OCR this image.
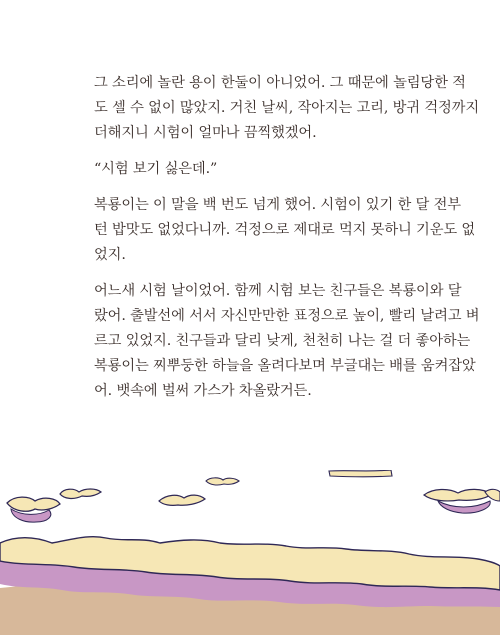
그 소리에 놀란 용이 한둘이 아니었어. 그 때문에 놀림당한 적
도 셀 수 없이 많았지. 거친 날씨, 작아지는 고리, 방귀 걱정까지
더해지니 시험이 얼마나 끔찍했겠어.
“시험 보기 싫은데.”
복룡이는 이 말을 백 번도 넘게 했어. 시험이 있기 한 달 전부
턴 밥맛도 없었다니까. 걱정으로 제대로 먹지 못하니 기운도 없
었지.
어느새 시험 날이었어. 함께 시험 보는 친구들은 복룡이와 달
랐어. 출발선에 서서 자신만만한 표정으로 높이, 빨리 날려고 벼
르고 있었지. 친구들과 달리 낮게, 천천히 나는 걸 더 좋아하는
복룡이는 찌뿌둥한 하늘을 올려다보며 부글대는 배를 움켜잡았
어. 뱃속에 벌써 가스가 차올랐거든.
